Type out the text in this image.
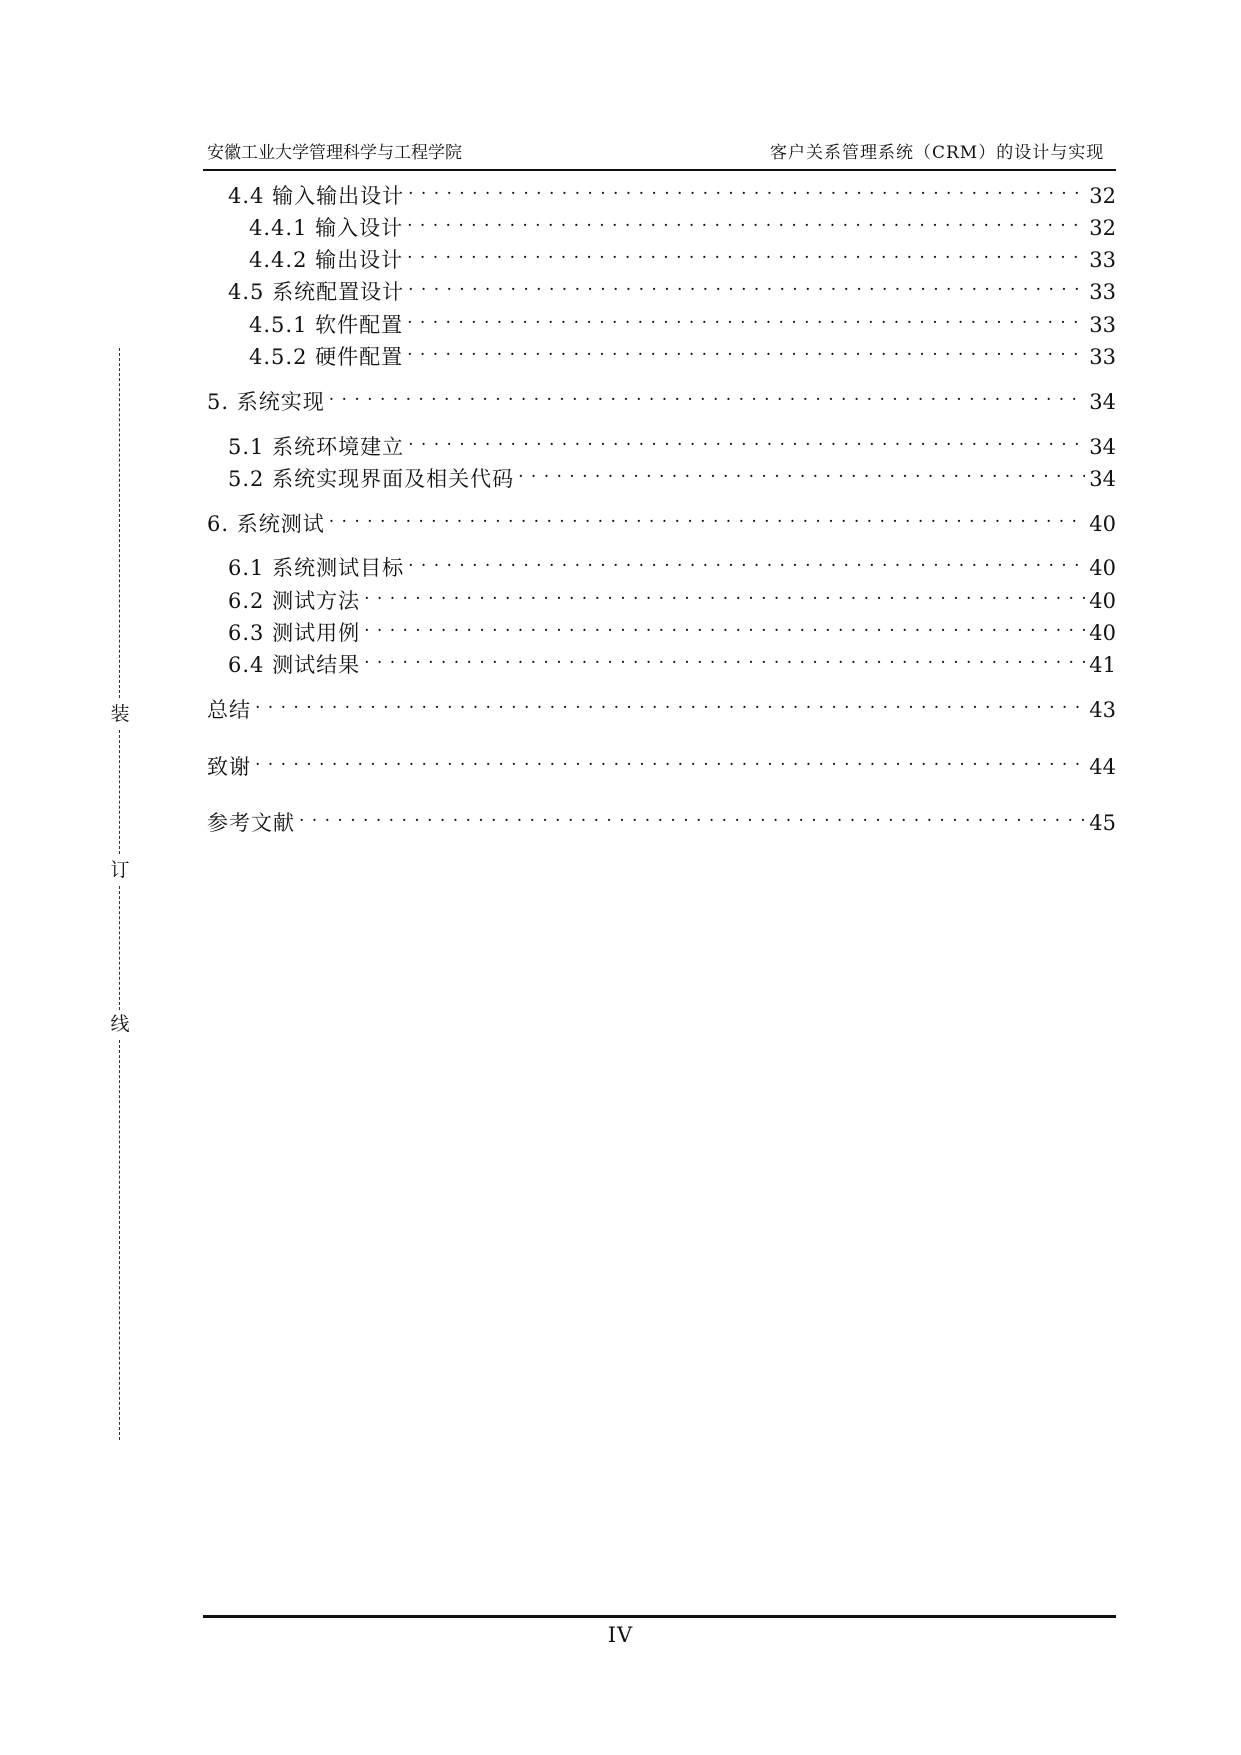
安徽工业大学管理科学与工程学院	客户关系管理系统（CRM）的设计与实现
装
订
线
4.4 输入输出设计 . . .	32
4.4.1 输入设计 . . .	32
4.4.2 输出设计 . . .	33
4.5 系统配置设计 . . .	33
4.5.1 软件配置 . . .	33
4.5.2 硬件配置 . . .	33
5. 系统实现 . . .	34
5.1 系统环境建立 . . .	34
5.2 系统实现界面及相关代码 . . .	34
6. 系统测试 . . .	40
6.1 系统测试目标 . . .	40
6.2 测试方法 . . .	40
6.3 测试用例 . . .	40
6.4 测试结果 . . .	41
总结 . . .	43
致谢 . . .	44
参考文献 . . .	45
IV
